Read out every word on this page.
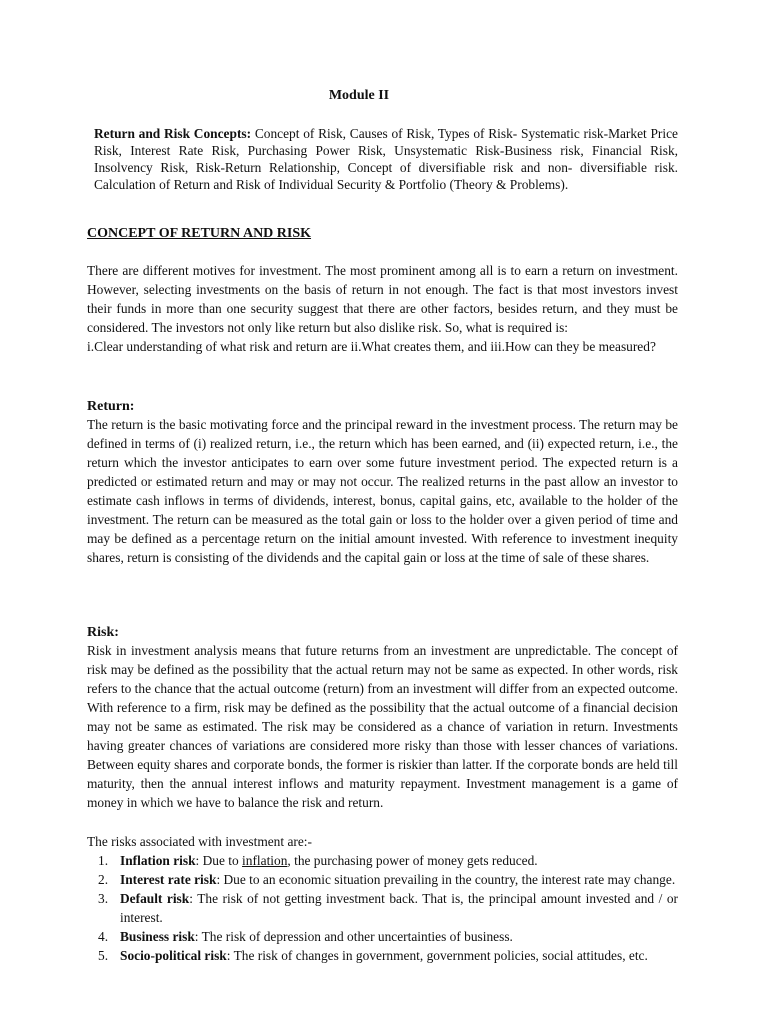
Module II

Return and Risk Concepts: Concept of Risk, Causes of Risk, Types of Risk- Systematic risk-Market Price Risk, Interest Rate Risk, Purchasing Power Risk, Unsystematic Risk-Business risk, Financial Risk, Insolvency Risk, Risk-Return Relationship, Concept of diversifiable risk and non- diversifiable risk. Calculation of Return and Risk of Individual Security & Portfolio (Theory & Problems).

CONCEPT OF RETURN AND RISK

There are different motives for investment. The most prominent among all is to earn a return on investment. However, selecting investments on the basis of return in not enough. The fact is that most investors invest their funds in more than one security suggest that there are other factors, besides return, and they must be considered. The investors not only like return but also dislike risk. So, what is required is:

i.Clear understanding of what risk and return are ii.What creates them, and iii.How can they be measured?

Return:

The return is the basic motivating force and the principal reward in the investment process. The return may be defined in terms of (i) realized return, i.e., the return which has been earned, and (ii) expected return, i.e., the return which the investor anticipates to earn over some future investment period. The expected return is a predicted or estimated return and may or may not occur. The realized returns in the past allow an investor to estimate cash inflows in terms of dividends, interest, bonus, capital gains, etc, available to the holder of the investment. The return can be measured as the total gain or loss to the holder over a given period of time and may be defined as a percentage return on the initial amount invested. With reference to investment inequity shares, return is consisting of the dividends and the capital gain or loss at the time of sale of these shares.

Risk:

Risk in investment analysis means that future returns from an investment are unpredictable. The concept of risk may be defined as the possibility that the actual return may not be same as expected. In other words, risk refers to the chance that the actual outcome (return) from an investment will differ from an expected outcome. With reference to a firm, risk may be defined as the possibility that the actual outcome of a financial decision may not be same as estimated. The risk may be considered as a chance of variation in return. Investments having greater chances of variations are considered more risky than those with lesser chances of variations. Between equity shares and corporate bonds, the former is riskier than latter. If the corporate bonds are held till maturity, then the annual interest inflows and maturity repayment. Investment management is a game of money in which we have to balance the risk and return.

The risks associated with investment are:-
1. Inflation risk: Due to inflation, the purchasing power of money gets reduced.
2. Interest rate risk: Due to an economic situation prevailing in the country, the interest rate may change.
3. Default risk: The risk of not getting investment back. That is, the principal amount invested and / or interest.
4. Business risk: The risk of depression and other uncertainties of business.
5. Socio-political risk: The risk of changes in government, government policies, social attitudes, etc.
